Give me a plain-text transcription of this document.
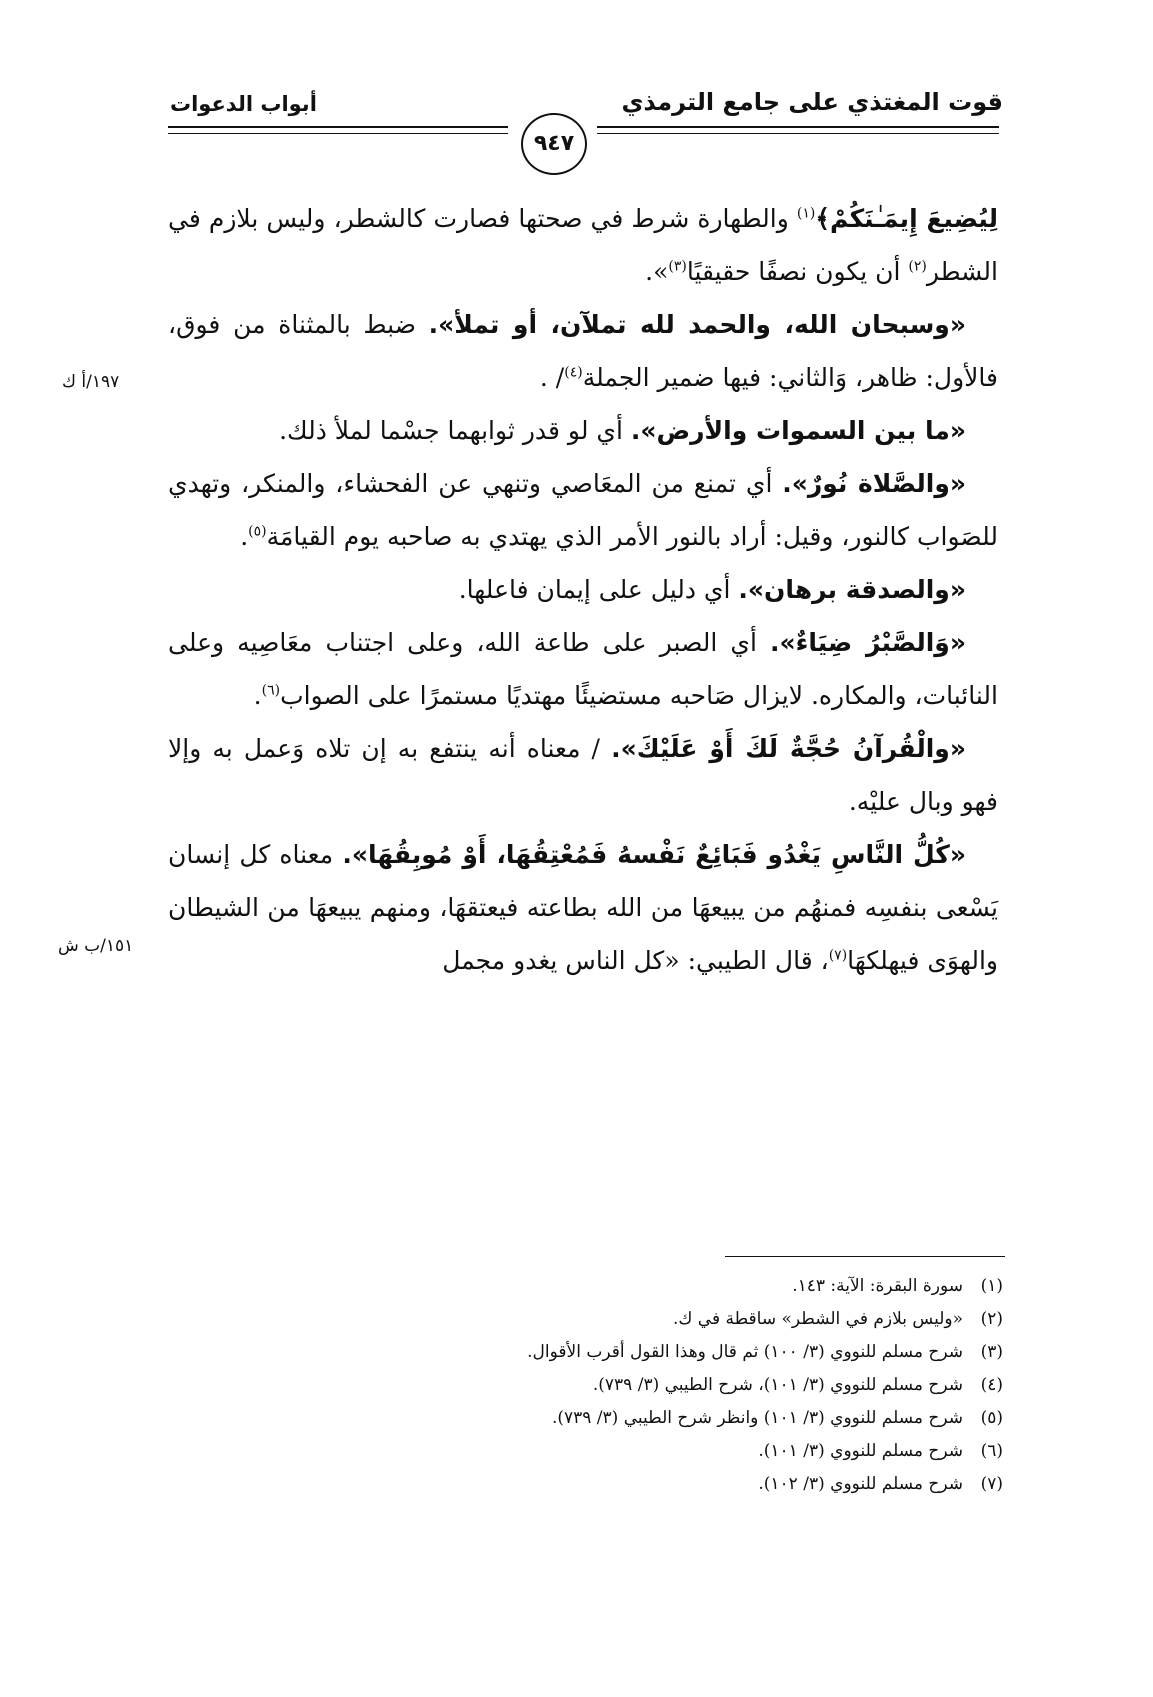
قوت المغتذي على جامع الترمذي
أبواب الدعوات
٩٤٧

لِيُضِيعَ إِيمَـٰنَكُمْ﴾$^{(١)}$ والطهارة شرط في صحتها فصارت كالشطر، وليس بلازم في الشطر$^{(٢)}$ أن يكون نصفًا حقيقيًا$^{(٣)}$».

«وسبحان الله، والحمد لله تملآن، أو تملأ». ضبط بالمثناة من فوق، فالأول: ظاهر، وَالثاني: فيها ضمير الجملة$^{(٤)}$/ .

«ما بين السموات والأرض». أي لو قدر ثوابهما جسْما لملأ ذلك.

«والصَّلاة نُورٌ». أي تمنع من المعَاصي وتنهي عن الفحشاء، والمنكر، وتهدي للصَواب كالنور، وقيل: أراد بالنور الأمر الذي يهتدي به صاحبه يوم القيامَة$^{(٥)}$.

«والصدقة برهان». أي دليل على إيمان فاعلها.

«وَالصَّبْرُ ضِيَاءٌ». أي الصبر على طاعة الله، وعلى اجتناب معَاصِيه وعلى النائبات، والمكاره. لايزال صَاحبه مستضيئًا مهتديًا مستمرًا على الصواب$^{(٦)}$.

«والْقُرآنُ حُجَّةٌ لَكَ أَوْ عَلَيْكَ». / معناه أنه ينتفع به إن تلاه وَعمل به وإلا فهو وبال عليْه.

«كُلُّ النَّاسِ يَغْدُو فَبَائِعٌ نَفْسهُ فَمُعْتِقُهَا، أَوْ مُوبِقُهَا». معناه كل إنسان يَسْعى بنفسِه فمنهُم من يبيعهَا من الله بطاعته فيعتقهَا، ومنهم يبيعهَا من الشيطان والهوَى فيهلكهَا$^{(٧)}$، قال الطيبي: «كل الناس يغدو مجمل

١٩٧/أ ك
١٥١/ب ش
(١)سورة البقرة: الآية: ١٤٣.
(٢)«وليس بلازم في الشطر» ساقطة في ك.
(٣)شرح مسلم للنووي (٣/ ١٠٠) ثم قال وهذا القول أقرب الأقوال.
(٤)شرح مسلم للنووي (٣/ ١٠١)، شرح الطيبي (٣/ ٧٣٩).
(٥)شرح مسلم للنووي (٣/ ١٠١) وانظر شرح الطيبي (٣/ ٧٣٩).
(٦)شرح مسلم للنووي (٣/ ١٠١).
(٧)شرح مسلم للنووي (٣/ ١٠٢).
